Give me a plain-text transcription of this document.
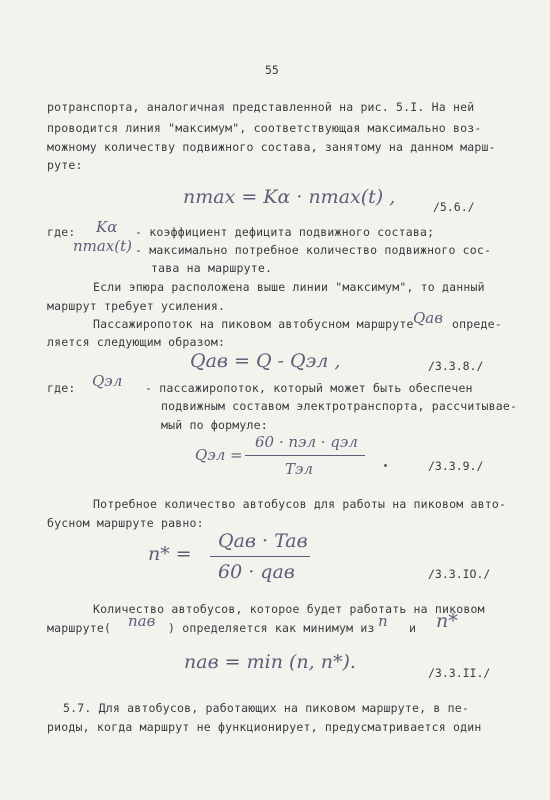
55
ротранспорта, аналогичная представленной на рис. 5.I. На ней
проводится линия "максимум", соответствующая максимально воз-
можному количеству подвижного состава, занятому на данном марш-
руте:
nmax = Kα · nmax(t) ,	/5.6./
где: Kα - коэффициент дефицита подвижного состава;
nmax(t) - максимально потребное количество подвижного сос-
тава на маршруте.
Если эпюра расположена выше линии "максимум", то данный
маршрут требует усиления.
Пассажиропоток на пиковом автобусном маршруте Qaв опреде-
ляется следующим образом:
Qaв = Q - Qэл ,	/3.3.8./
где: Qэл - пассажиропоток, который может быть обеспечен
подвижным составом электротранспорта, рассчитывае-
мый по формуле:
Qэл =
60 · nэл · qэл
Tэл	/3.3.9./
Потребное количество автобусов для работы на пиковом авто-
бусном маршруте равно:
n* =
Qaв · Taв
60 · qaв	/3.3.IO./
Количество автобусов, которое будет работать на пиковом
маршруте( naв ) определяется как минимум из n и n*
naв = min (n, n*).	/3.3.II./
5.7. Для автобусов, работающих на пиковом маршруте, в пе-
риоды, когда маршрут не функционирует, предусматривается один
